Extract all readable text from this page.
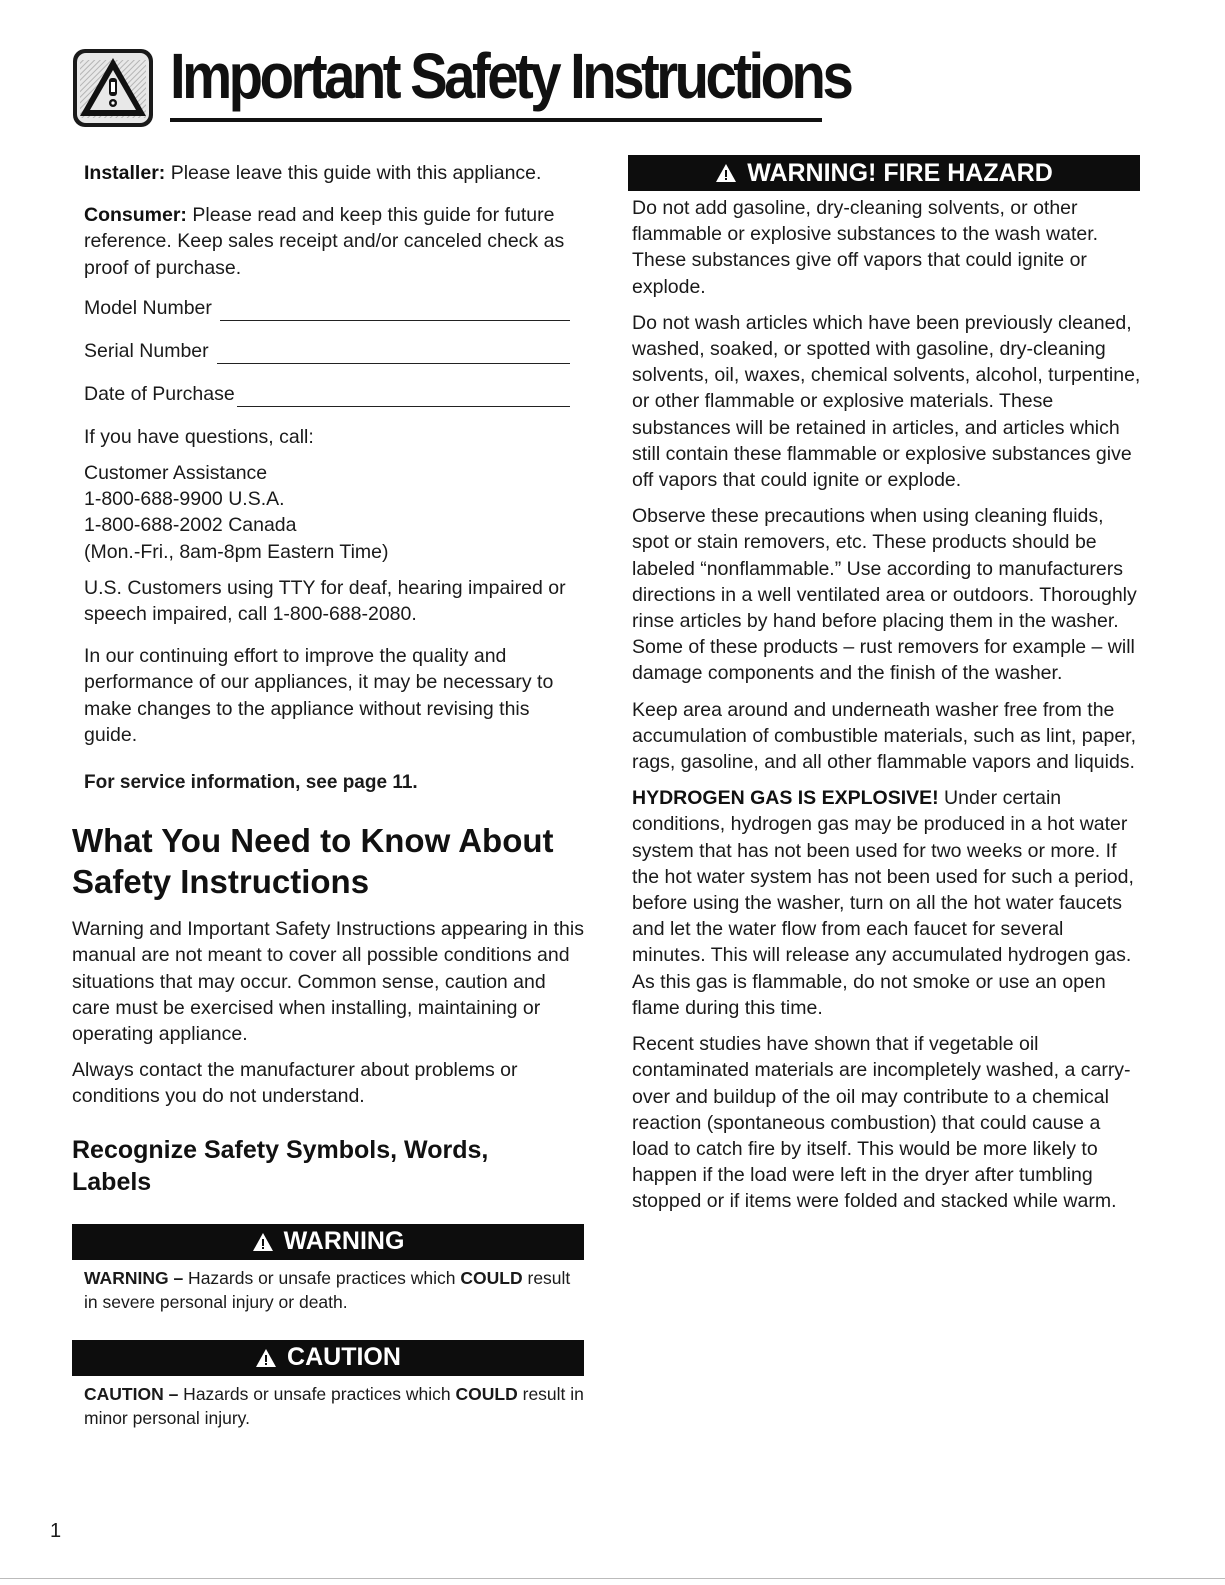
Important Safety Instructions

Installer: Please leave this guide with this appliance.

Consumer: Please read and keep this guide for future reference. Keep sales receipt and/or canceled check as proof of purchase.

Model Number
Serial Number
Date of Purchase

If you have questions, call:

Customer Assistance

1-800-688-9900 U.S.A.

1-800-688-2002 Canada

(Mon.-Fri., 8am-8pm Eastern Time)

U.S. Customers using TTY for deaf, hearing impaired or speech impaired, call 1-800-688-2080.

In our continuing effort to improve the quality and performance of our appliances, it may be necessary to make changes to the appliance without revising this guide.

For service information, see page 11.

What You Need to Know About Safety Instructions

Warning and Important Safety Instructions appearing in this manual are not meant to cover all possible conditions and situations that may occur. Common sense, caution and care must be exercised when installing, maintaining or operating appliance.

Always contact the manufacturer about problems or conditions you do not understand.

Recognize Safety Symbols, Words, Labels
WARNING

WARNING – Hazards or unsafe practices which COULD result in severe personal injury or death.

CAUTION

CAUTION – Hazards or unsafe practices which COULD result in minor personal injury.

WARNING! FIRE HAZARD

Do not add gasoline, dry-cleaning solvents, or other flammable or explosive substances to the wash water. These substances give off vapors that could ignite or explode.

Do not wash articles which have been previously cleaned, washed, soaked, or spotted with gasoline, dry-cleaning solvents, oil, waxes, chemical solvents, alcohol, turpentine, or other flammable or explosive materials. These substances will be retained in articles, and articles which still contain these flammable or explosive substances give off vapors that could ignite or explode.

Observe these precautions when using cleaning fluids, spot or stain removers, etc. These products should be labeled “nonflammable.” Use according to manufacturers directions in a well ventilated area or outdoors. Thoroughly rinse articles by hand before placing them in the washer. Some of these products – rust removers for example – will damage components and the finish of the washer.

Keep area around and underneath washer free from the accumulation of combustible materials, such as lint, paper, rags, gasoline, and all other flammable vapors and liquids.

HYDROGEN GAS IS EXPLOSIVE! Under certain conditions, hydrogen gas may be produced in a hot water system that has not been used for two weeks or more. If the hot water system has not been used for such a period, before using the washer, turn on all the hot water faucets and let the water flow from each faucet for several minutes. This will release any accumulated hydrogen gas. As this gas is flammable, do not smoke or use an open flame during this time.

Recent studies have shown that if vegetable oil contaminated materials are incompletely washed, a carry-over and buildup of the oil may contribute to a chemical reaction (spontaneous combustion) that could cause a load to catch fire by itself. This would be more likely to happen if the load were left in the dryer after tumbling stopped or if items were folded and stacked while warm.

1
